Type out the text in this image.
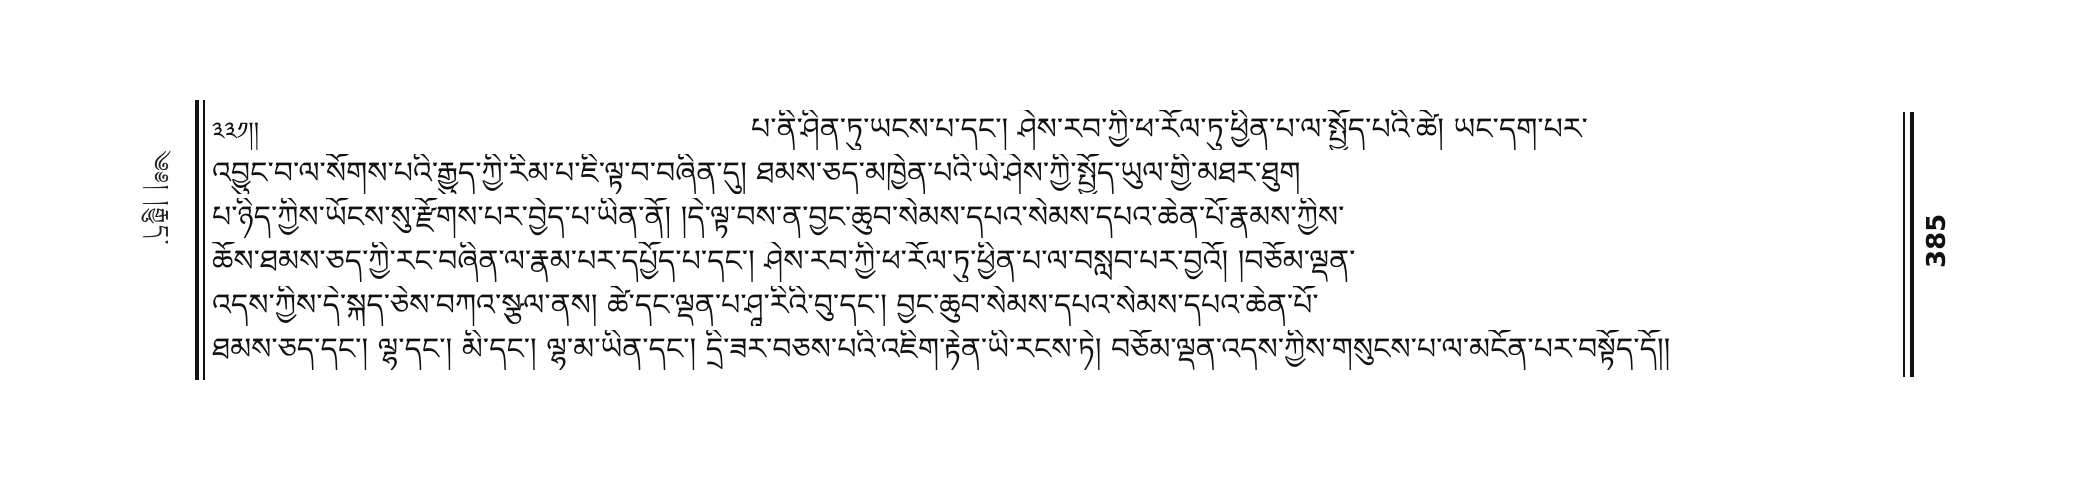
༄༅། །རྒྱུད་	385
༣༣༡།།	པ་ནི་ཤིན་ཏུ་ཡངས་པ་དང་། ཤེས་རབ་ཀྱི་ཕ་རོལ་ཏུ་ཕྱིན་པ་ལ་སྤྱོད་པའི་ཚེ། ཡང་དག་པར་
འབྱུང་བ་ལ་སོགས་པའི་རྒྱུད་ཀྱི་རིམ་པ་ཇི་ལྟ་བ་བཞིན་དུ། ཐམས་ཅད་མཁྱེན་པའི་ཡེ་ཤེས་ཀྱི་སྤྱོད་ཡུལ་གྱི་མཐར་ཐུག
པ་ཉིད་ཀྱིས་ཡོངས་སུ་རྫོགས་པར་བྱེད་པ་ཡིན་ནོ། །དེ་ལྟ་བས་ན་བྱང་ཆུབ་སེམས་དཔའ་སེམས་དཔའ་ཆེན་པོ་རྣམས་ཀྱིས་
ཆོས་ཐམས་ཅད་ཀྱི་རང་བཞིན་ལ་རྣམ་པར་དཔྱོད་པ་དང་། ཤེས་རབ་ཀྱི་ཕ་རོལ་ཏུ་ཕྱིན་པ་ལ་བསླབ་པར་བྱའོ། །བཅོམ་ལྡན་
འདས་ཀྱིས་དེ་སྐད་ཅེས་བཀའ་སྩལ་ནས། ཚེ་དང་ལྡན་པ་ཤཱ་རིའི་བུ་དང་། བྱང་ཆུབ་སེམས་དཔའ་སེམས་དཔའ་ཆེན་པོ་
ཐམས་ཅད་དང་། ལྷ་དང་། མི་དང་། ལྷ་མ་ཡིན་དང་། དྲི་ཟར་བཅས་པའི་འཇིག་རྟེན་ཡི་རངས་ཏེ། བཅོམ་ལྡན་འདས་ཀྱིས་གསུངས་པ་ལ་མངོན་པར་བསྟོད་དོ།།
